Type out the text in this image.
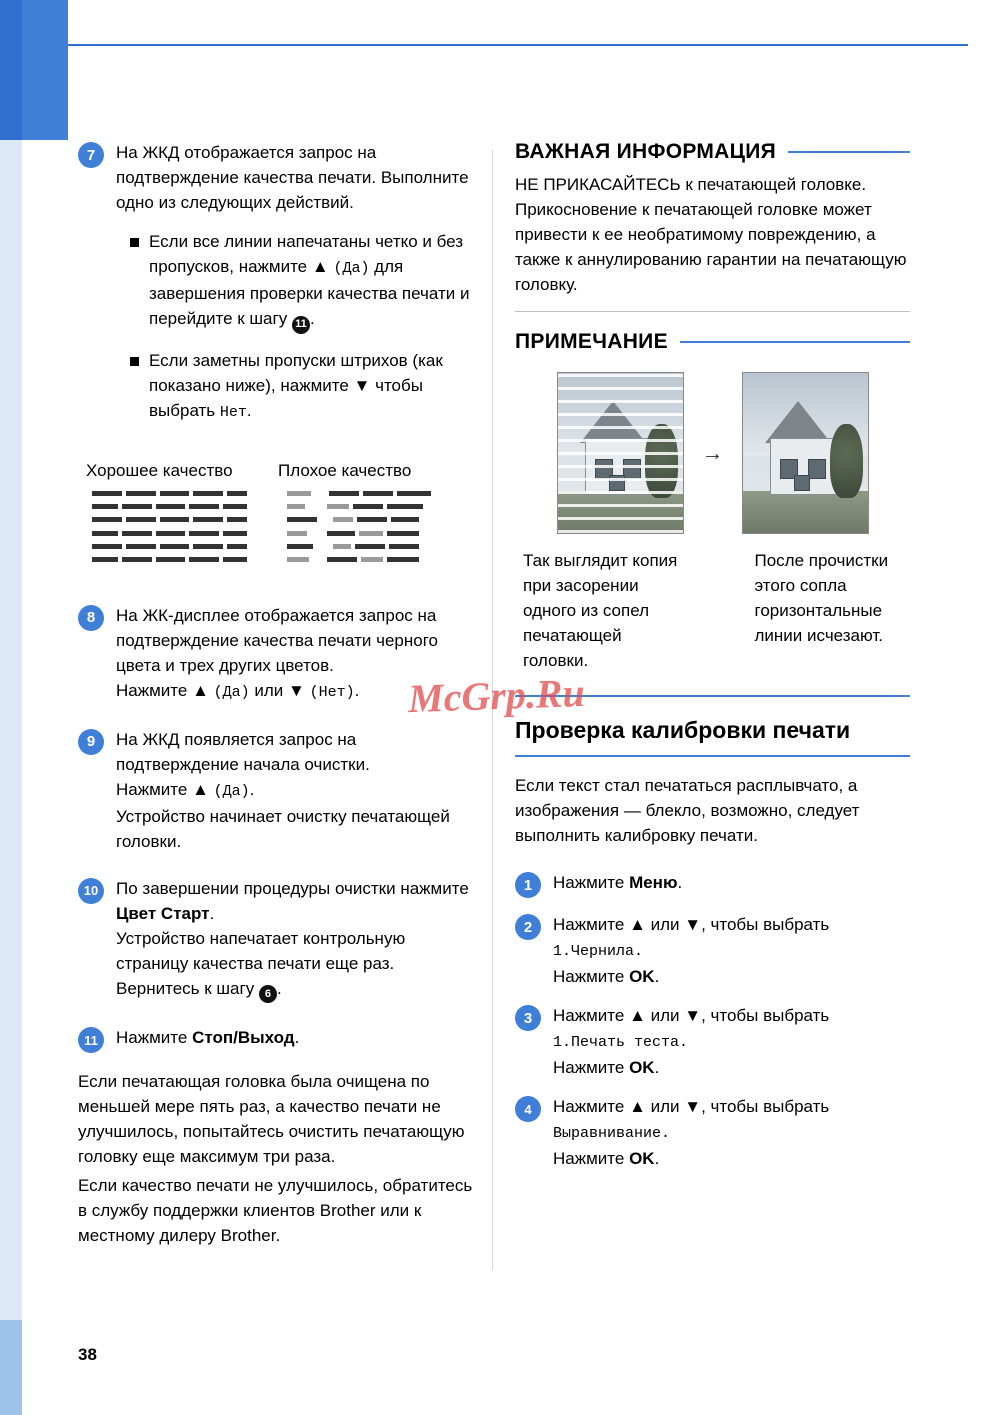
7	На ЖКД отображается запрос на подтверждение качества печати. Выполните одно из следующих действий.
Если все линии напечатаны четко и без пропусков, нажмите ▲ (Да) для завершения проверки качества печати и перейдите к шагу 11 .
Если заметны пропуски штрихов (как показано ниже), нажмите ▼ чтобы выбрать Нет.
Хорошее качество	Плохое качество
8	На ЖК-дисплее отображается запрос на подтверждение качества печати черного цвета и трех других цветов.
Нажмите ▲ (Да) или ▼ (Нет).
9	На ЖКД появляется запрос на подтверждение начала очистки.
Нажмите ▲ (Да).
Устройство начинает очистку печатающей головки.
10	По завершении процедуры очистки нажмите Цвет Старт.
Устройство напечатает контрольную страницу качества печати еще раз.
Вернитесь к шагу 6 .
11	Нажмите Стоп/Выход.
Если печатающая головка была очищена по меньшей мере пять раз, а качество печати не улучшилось, попытайтесь очистить печатающую головку еще максимум три раза.
Если качество печати не улучшилось, обратитесь в службу поддержки клиентов Brother или к местному дилеру Brother.
ВАЖНАЯ ИНФОРМАЦИЯ
НЕ ПРИКАСАЙТЕСЬ к печатающей головке. Прикосновение к печатающей головке может привести к ее необратимому повреждению, а также к аннулированию гарантии на печатающую головку.
ПРИМЕЧАНИЕ
→
Так выглядит копия при засорении одного из сопел печатающей головки.
После прочистки этого сопла горизонтальные линии исчезают.
Проверка калибровки печати
Если текст стал печататься расплывчато, а изображения — блекло, возможно, следует выполнить калибровку печати.
1	Нажмите Меню.
2	Нажмите ▲ или ▼, чтобы выбрать
1.Чернила.
Нажмите OK.
3	Нажмите ▲ или ▼, чтобы выбрать
1.Печать теста.
Нажмите OK.
4	Нажмите ▲ или ▼, чтобы выбрать
Выравнивание.
Нажмите OK.
McGrp.Ru
38
